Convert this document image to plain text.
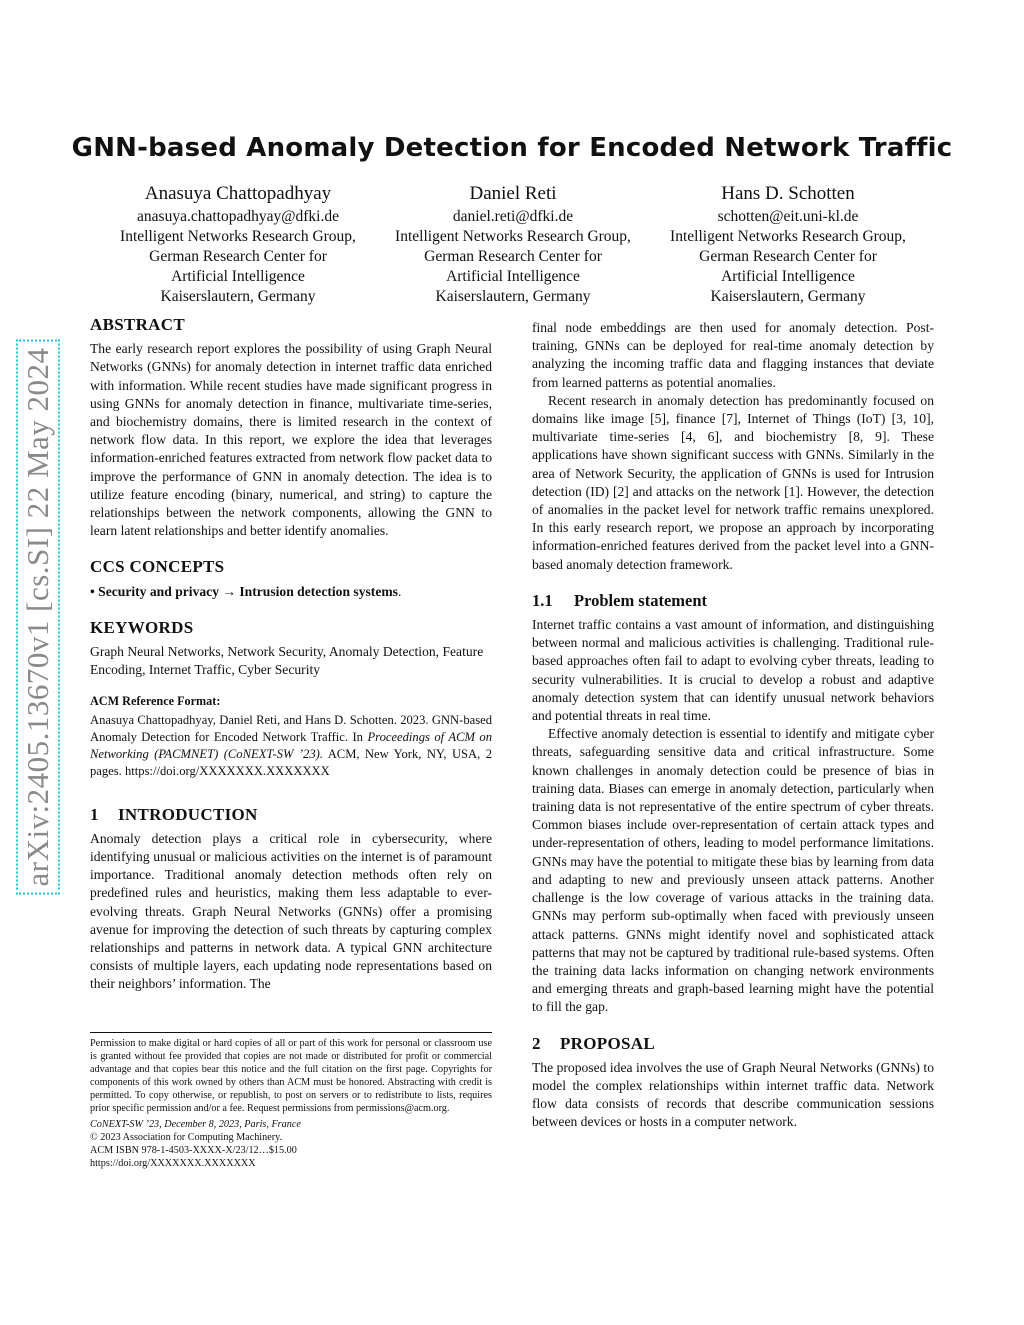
arXiv:2405.13670v1 [cs.SI] 22 May 2024
GNN-based Anomaly Detection for Encoded Network Traffic
Anasuya Chattopadhyay
anasuya.chattopadhyay@dfki.de
Intelligent Networks Research Group,
German Research Center for
Artificial Intelligence
Kaiserslautern, Germany
Daniel Reti
daniel.reti@dfki.de
Intelligent Networks Research Group,
German Research Center for
Artificial Intelligence
Kaiserslautern, Germany
Hans D. Schotten
schotten@eit.uni-kl.de
Intelligent Networks Research Group,
German Research Center for
Artificial Intelligence
Kaiserslautern, Germany
ABSTRACT

The early research report explores the possibility of using Graph Neural Networks (GNNs) for anomaly detection in internet traffic data enriched with information. While recent studies have made significant progress in using GNNs for anomaly detection in finance, multivariate time-series, and biochemistry domains, there is limited research in the context of network flow data. In this report, we explore the idea that leverages information-enriched features extracted from network flow packet data to improve the performance of GNN in anomaly detection. The idea is to utilize feature encoding (binary, numerical, and string) to capture the relationships between the network components, allowing the GNN to learn latent relationships and better identify anomalies.

CCS CONCEPTS

• Security and privacy → Intrusion detection systems.

KEYWORDS

Graph Neural Networks, Network Security, Anomaly Detection, Feature Encoding, Internet Traffic, Cyber Security

ACM Reference Format:

Anasuya Chattopadhyay, Daniel Reti, and Hans D. Schotten. 2023. GNN-based Anomaly Detection for Encoded Network Traffic. In Proceedings of ACM on Networking (PACMNET) (CoNEXT-SW ’23). ACM, New York, NY, USA, 2 pages. https://doi.org/XXXXXXX.XXXXXXX

1 INTRODUCTION

Anomaly detection plays a critical role in cybersecurity, where identifying unusual or malicious activities on the internet is of paramount importance. Traditional anomaly detection methods often rely on predefined rules and heuristics, making them less adaptable to ever-evolving threats. Graph Neural Networks (GNNs) offer a promising avenue for improving the detection of such threats by capturing complex relationships and patterns in network data. A typical GNN architecture consists of multiple layers, each updating node representations based on their neighbors’ information. The

Permission to make digital or hard copies of all or part of this work for personal or classroom use is granted without fee provided that copies are not made or distributed for profit or commercial advantage and that copies bear this notice and the full citation on the first page. Copyrights for components of this work owned by others than ACM must be honored. Abstracting with credit is permitted. To copy otherwise, or republish, to post on servers or to redistribute to lists, requires prior specific permission and/or a fee. Request permissions from permissions@acm.org.

CoNEXT-SW ’23, December 8, 2023, Paris, France

© 2023 Association for Computing Machinery.

ACM ISBN 978-1-4503-XXXX-X/23/12…$15.00

https://doi.org/XXXXXXX.XXXXXXX

final node embeddings are then used for anomaly detection. Post-training, GNNs can be deployed for real-time anomaly detection by analyzing the incoming traffic data and flagging instances that deviate from learned patterns as potential anomalies.

Recent research in anomaly detection has predominantly focused on domains like image [5], finance [7], Internet of Things (IoT) [3, 10], multivariate time-series [4, 6], and biochemistry [8, 9]. These applications have shown significant success with GNNs. Similarly in the area of Network Security, the application of GNNs is used for Intrusion detection (ID) [2] and attacks on the network [1]. However, the detection of anomalies in the packet level for network traffic remains unexplored. In this early research report, we propose an approach by incorporating information-enriched features derived from the packet level into a GNN-based anomaly detection framework.

1.1 Problem statement

Internet traffic contains a vast amount of information, and distinguishing between normal and malicious activities is challenging. Traditional rule-based approaches often fail to adapt to evolving cyber threats, leading to security vulnerabilities. It is crucial to develop a robust and adaptive anomaly detection system that can identify unusual network behaviors and potential threats in real time.

Effective anomaly detection is essential to identify and mitigate cyber threats, safeguarding sensitive data and critical infrastructure. Some known challenges in anomaly detection could be presence of bias in training data. Biases can emerge in anomaly detection, particularly when training data is not representative of the entire spectrum of cyber threats. Common biases include over-representation of certain attack types and under-representation of others, leading to model performance limitations. GNNs may have the potential to mitigate these bias by learning from data and adapting to new and previously unseen attack patterns. Another challenge is the low coverage of various attacks in the training data. GNNs may perform sub-optimally when faced with previously unseen attack patterns. GNNs might identify novel and sophisticated attack patterns that may not be captured by traditional rule-based systems. Often the training data lacks information on changing network environments and emerging threats and graph-based learning might have the potential to fill the gap.

2 PROPOSAL

The proposed idea involves the use of Graph Neural Networks (GNNs) to model the complex relationships within internet traffic data. Network flow data consists of records that describe communication sessions between devices or hosts in a computer network.
